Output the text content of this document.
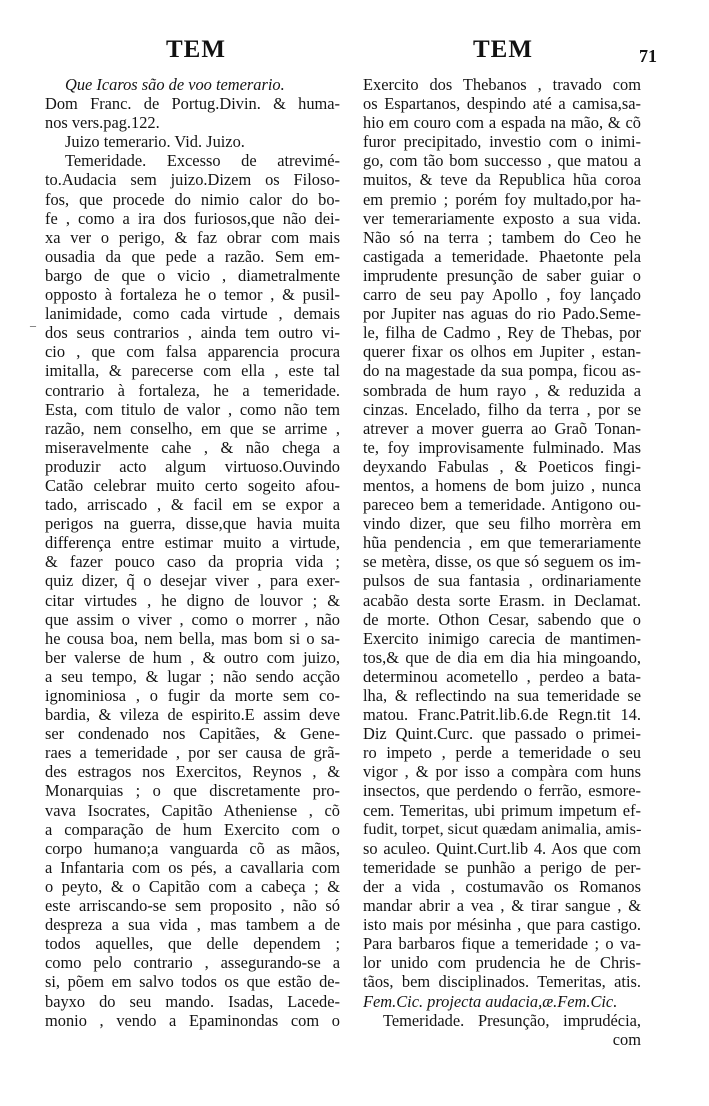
TEM	TEM	71
–
Que Icaros são de voo temerario.
Dom Franc. de Portug.Divin. & huma-
nos vers.pag.122.
Juizo temerario. Vid. Juizo.
Temeridade. Excesso de atrevimé-
to.Audacia sem juizo.Dizem os Filoso-
fos, que procede do nimio calor do bo-
fe , como a ira dos furiosos,que não dei-
xa ver o perigo, & faz obrar com mais
ousadia da que pede a razão. Sem em-
bargo de que o vicio , diametralmente
opposto à fortaleza he o temor , & pusil-
lanimidade, como cada virtude , demais
dos seus contrarios , ainda tem outro vi-
cio , que com falsa apparencia procura
imitalla, & parecerse com ella , este tal
contrario à fortaleza, he a temeridade.
Esta, com titulo de valor , como não tem
razão, nem conselho, em que se arrime ,
miseravelmente cahe , & não chega a
produzir acto algum virtuoso.Ouvindo
Catão celebrar muito certo sogeito afou-
tado, arriscado , & facil em se expor a
perigos na guerra, disse,que havia muita
differença entre estimar muito a virtude,
& fazer pouco caso da propria vida ;
quiz dizer, q̃ o desejar viver , para exer-
citar virtudes , he digno de louvor ; &
que assim o viver , como o morrer , não
he cousa boa, nem bella, mas bom si o sa-
ber valerse de hum , & outro com juizo,
a seu tempo, & lugar ; não sendo acção
ignominiosa , o fugir da morte sem co-
bardia, & vileza de espirito.E assim deve
ser condenado nos Capitães, & Gene-
raes a temeridade , por ser causa de grã-
des estragos nos Exercitos, Reynos , &
Monarquias ; o que discretamente pro-
vava Isocrates, Capitão Atheniense , cõ
a comparação de hum Exercito com o
corpo humano;a vanguarda cõ as mãos,
a Infantaria com os pés, a cavallaria com
o peyto, & o Capitão com a cabeça ; &
este arriscando-se sem proposito , não só
despreza a sua vida , mas tambem a de
todos aquelles, que delle dependem ;
como pelo contrario , assegurando-se a
si, põem em salvo todos os que estão de-
bayxo do seu mando. Isadas, Lacede-
monio , vendo a Epaminondas com o
Exercito dos Thebanos , travado com
os Espartanos, despindo até a camisa,sa-
hio em couro com a espada na mão, & cõ
furor precipitado, investio com o inimi-
go, com tão bom successo , que matou a
muitos, & teve da Republica hũa coroa
em premio ; porém foy multado,por ha-
ver temerariamente exposto a sua vida.
Não só na terra ; tambem do Ceo he
castigada a temeridade. Phaetonte pela
imprudente presunção de saber guiar o
carro de seu pay Apollo , foy lançado
por Jupiter nas aguas do rio Pado.Seme-
le, filha de Cadmo , Rey de Thebas, por
querer fixar os olhos em Jupiter , estan-
do na magestade da sua pompa, ficou as-
sombrada de hum rayo , & reduzida a
cinzas. Encelado, filho da terra , por se
atrever a mover guerra ao Graõ Tonan-
te, foy improvisamente fulminado. Mas
deyxando Fabulas , & Poeticos fingi-
mentos, a homens de bom juizo , nunca
pareceo bem a temeridade. Antigono ou-
vindo dizer, que seu filho morrèra em
hũa pendencia , em que temerariamente
se metèra, disse, os que só seguem os im-
pulsos de sua fantasia , ordinariamente
acabão desta sorte Erasm. in Declamat.
de morte. Othon Cesar, sabendo que o
Exercito inimigo carecia de mantimen-
tos,& que de dia em dia hia mingoando,
determinou acometello , perdeo a bata-
lha, & reflectindo na sua temeridade se
matou. Franc.Patrit.lib.6.de Regn.tit 14.
Diz Quint.Curc. que passado o primei-
ro impeto , perde a temeridade o seu
vigor , & por isso a compàra com huns
insectos, que perdendo o ferrão, esmore-
cem. Temeritas, ubi primum impetum ef-
fudit, torpet, sicut quædam animalia, amis-
so aculeo. Quint.Curt.lib 4. Aos que com
temeridade se punhão a perigo de per-
der a vida , costumavão os Romanos
mandar abrir a vea , & tirar sangue , &
isto mais por mésinha , que para castigo.
Para barbaros fique a temeridade ; o va-
lor unido com prudencia he de Chris-
tãos, bem disciplinados. Temeritas, atis.
Fem.Cic. projecta audacia,æ.Fem.Cic.
Temeridade. Presunção, imprudécia,
com
